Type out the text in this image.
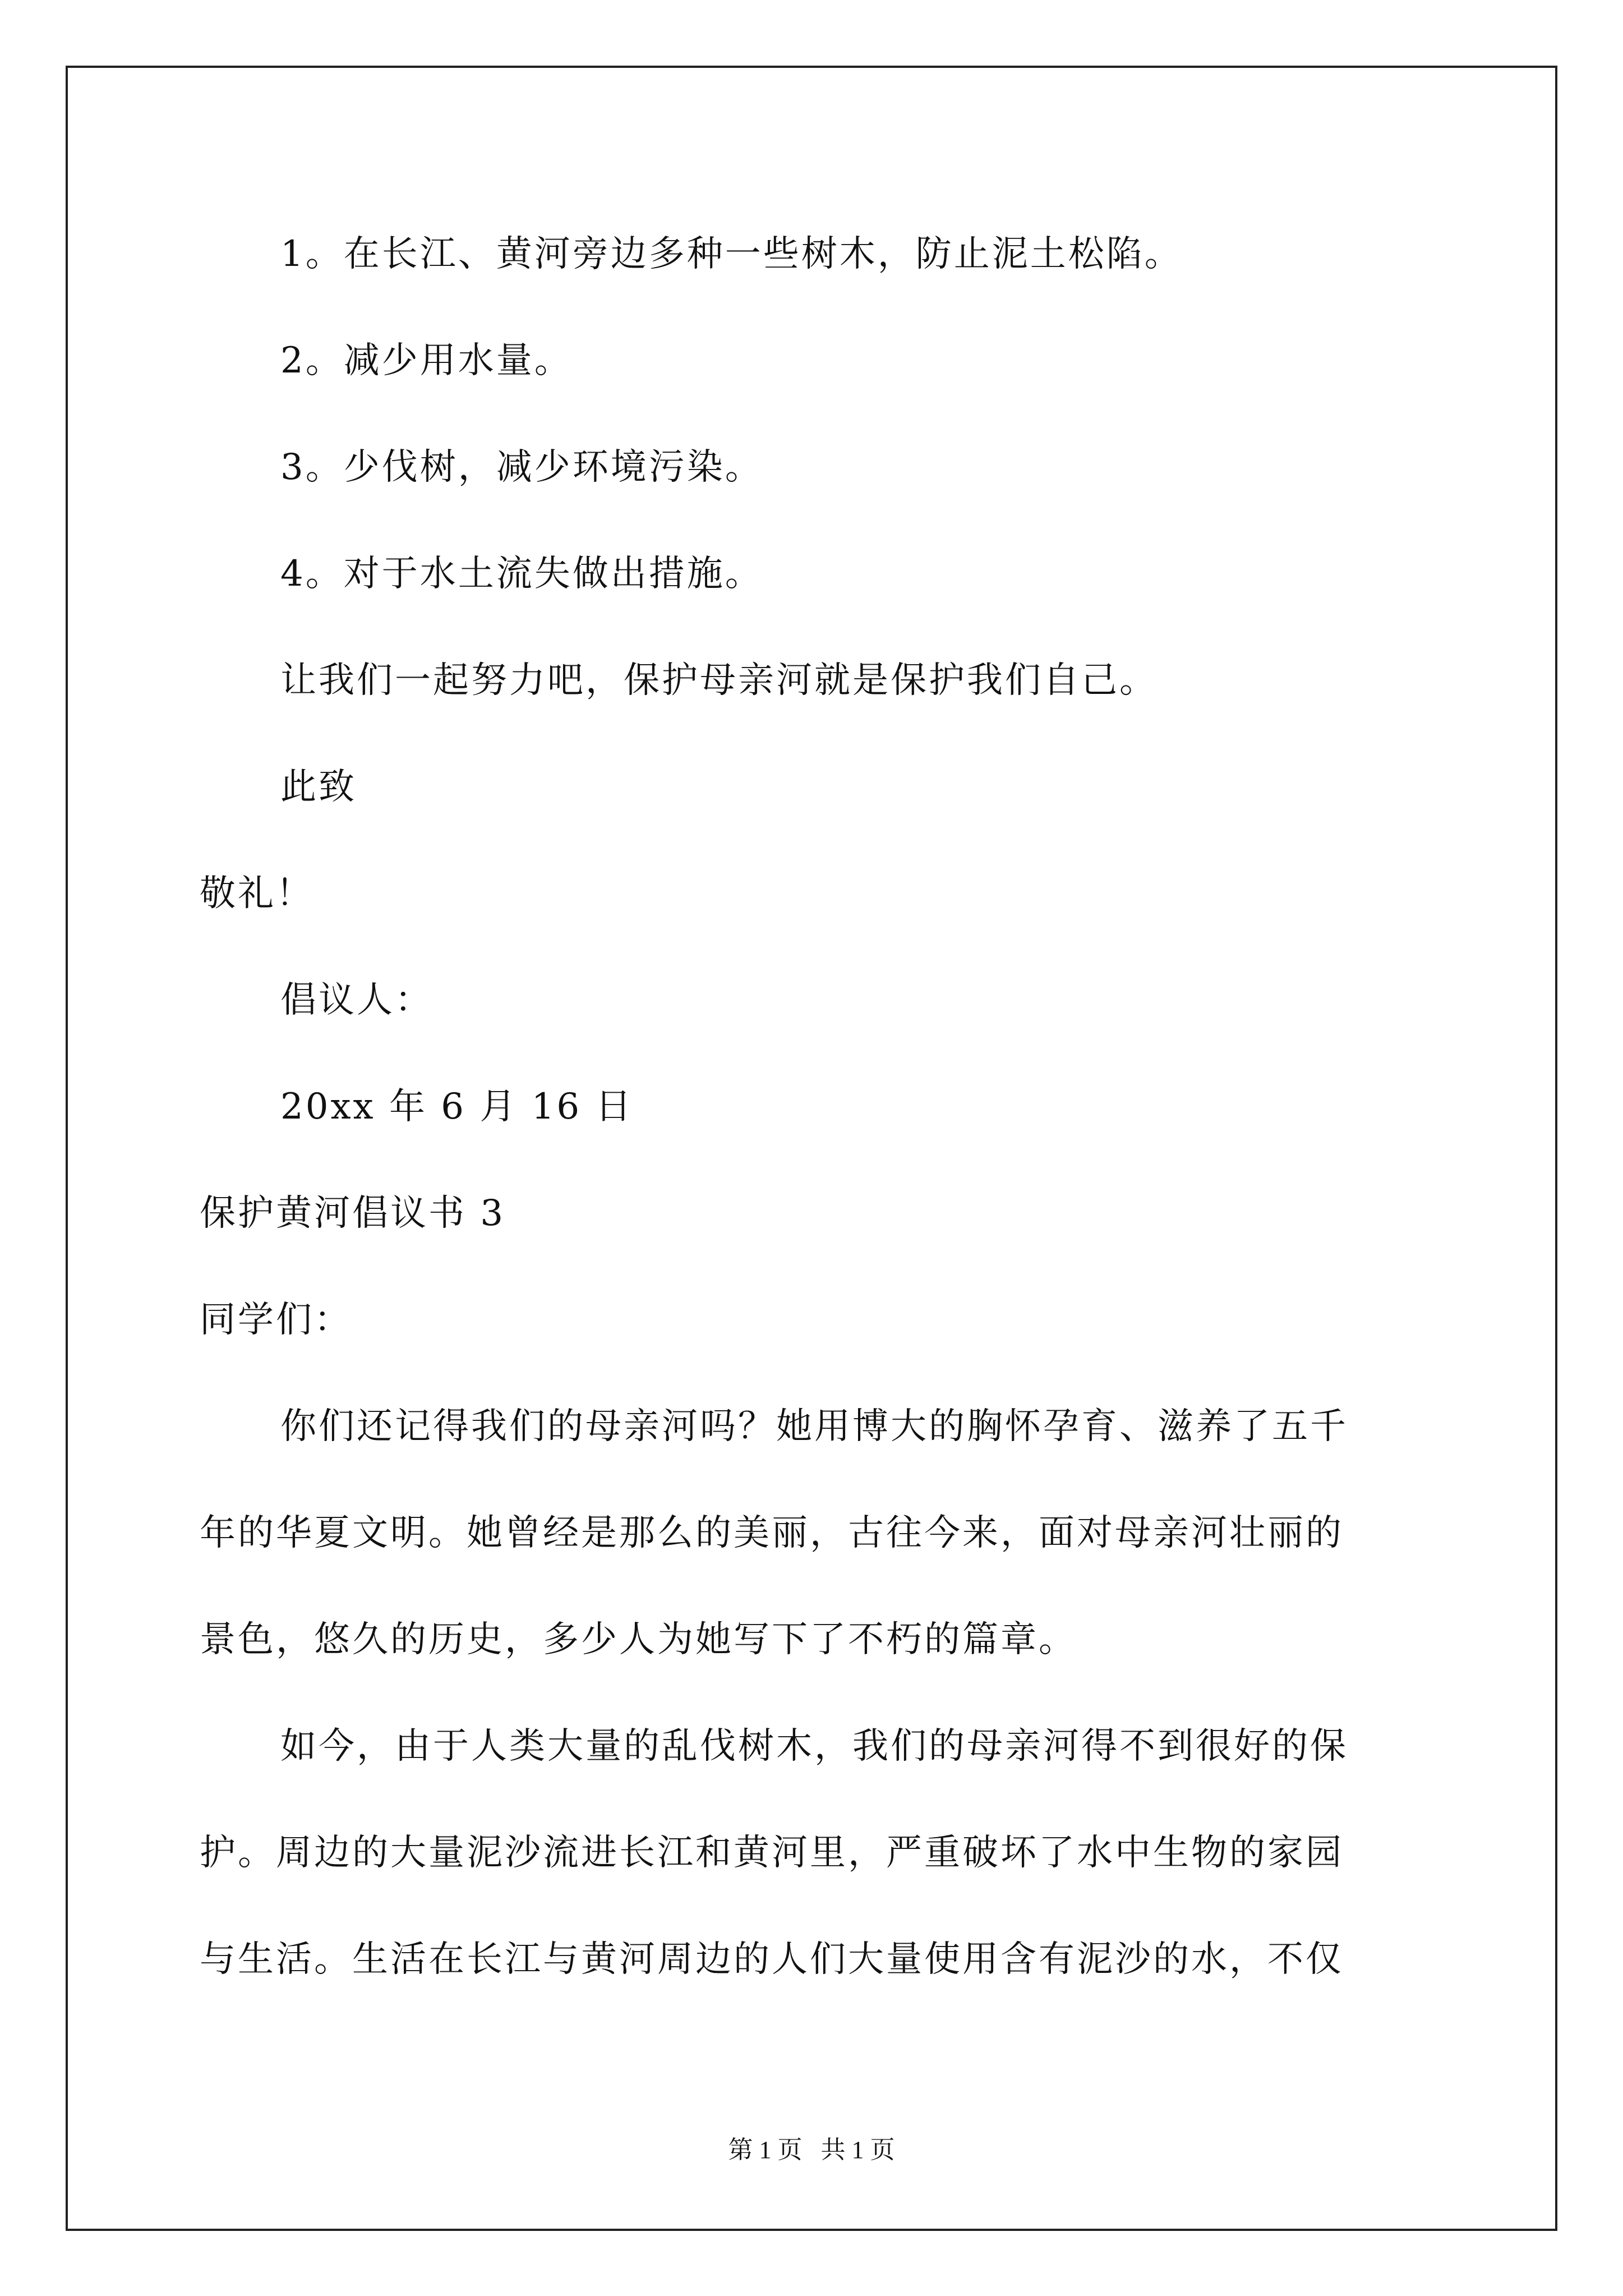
1。在长江、黄河旁边多种一些树木，防止泥土松陷。
2。减少用水量。
3。少伐树，减少环境污染。
4。对于水土流失做出措施。
让我们一起努力吧，保护母亲河就是保护我们自己。
此致
敬礼！
倡议人：
20xx 年 6 月 16 日
保护黄河倡议书 3
同学们：
你们还记得我们的母亲河吗？她用博大的胸怀孕育、滋养了五千
年的华夏文明。她曾经是那么的美丽，古往今来，面对母亲河壮丽的
景色，悠久的历史，多少人为她写下了不朽的篇章。
如今，由于人类大量的乱伐树木，我们的母亲河得不到很好的保
护。周边的大量泥沙流进长江和黄河里，严重破坏了水中生物的家园
与生活。生活在长江与黄河周边的人们大量使用含有泥沙的水，不仅
第 1 页   共 1 页
